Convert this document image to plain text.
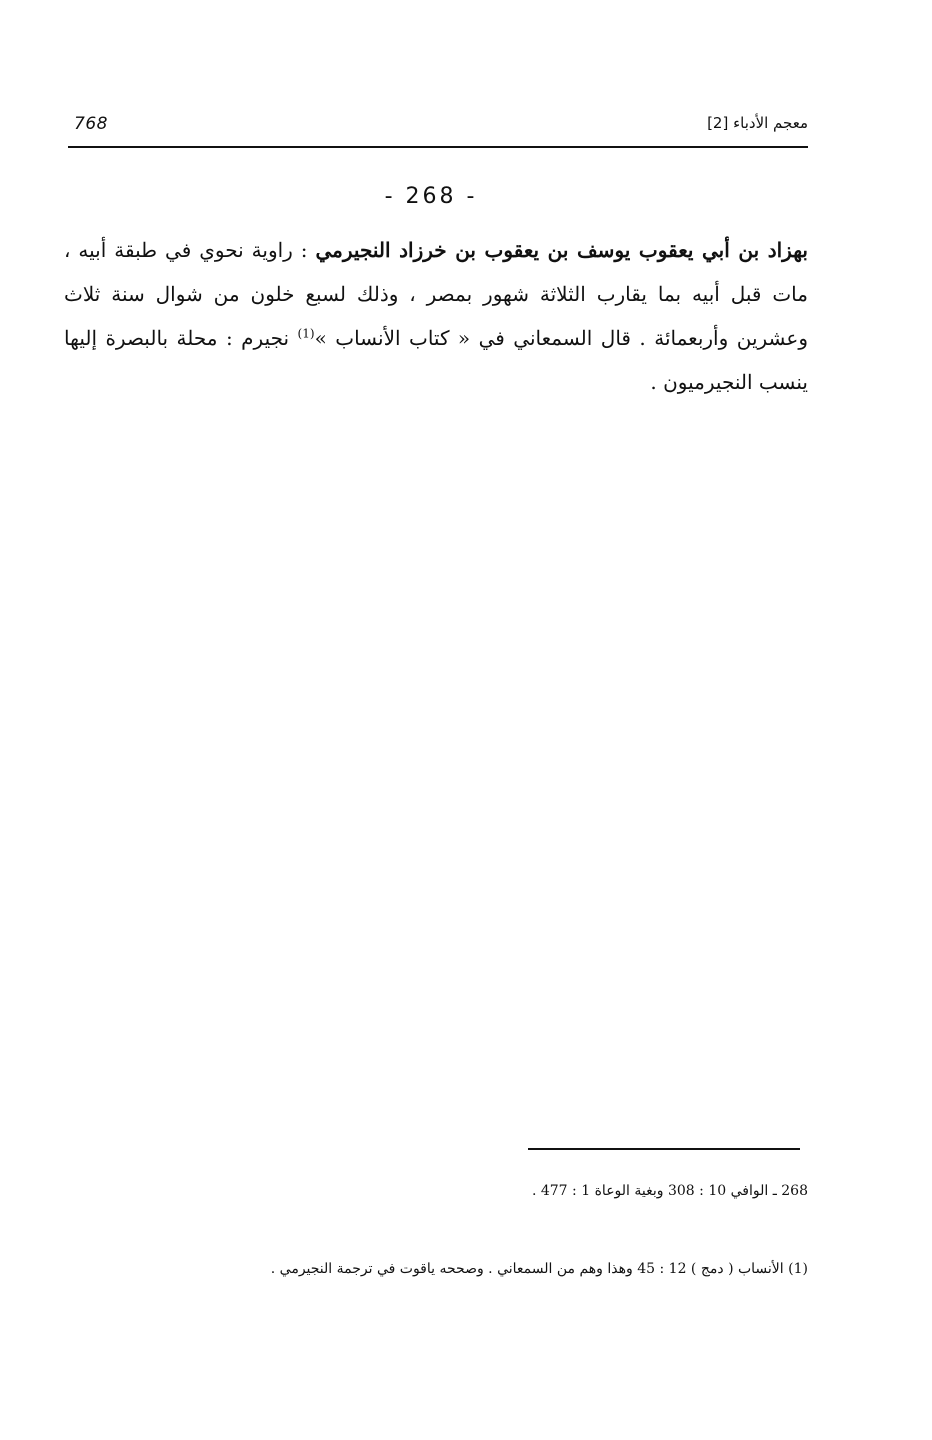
768	معجم الأدباء [2]
- 268 -
بهزاد بن أبي يعقوب يوسف بن يعقوب بن خرزاد النجيرمي : راوية نحوي في طبقة أبيه ، مات قبل أبيه بما يقارب الثلاثة شهور بمصر ، وذلك لسبع خلون من شوال سنة ثلاث وعشرين وأربعمائة . قال السمعاني في « كتاب الأنساب »$^{(1)}$ نجيرم : محلة بالبصرة إليها ينسب النجيرميون .
268 ـ الوافي 10 : 308 وبغية الوعاة 1 : 477 .
(1) الأنساب ( دمج ) 12 : 45 وهذا وهم من السمعاني . وصححه ياقوت في ترجمة النجيرمي .
